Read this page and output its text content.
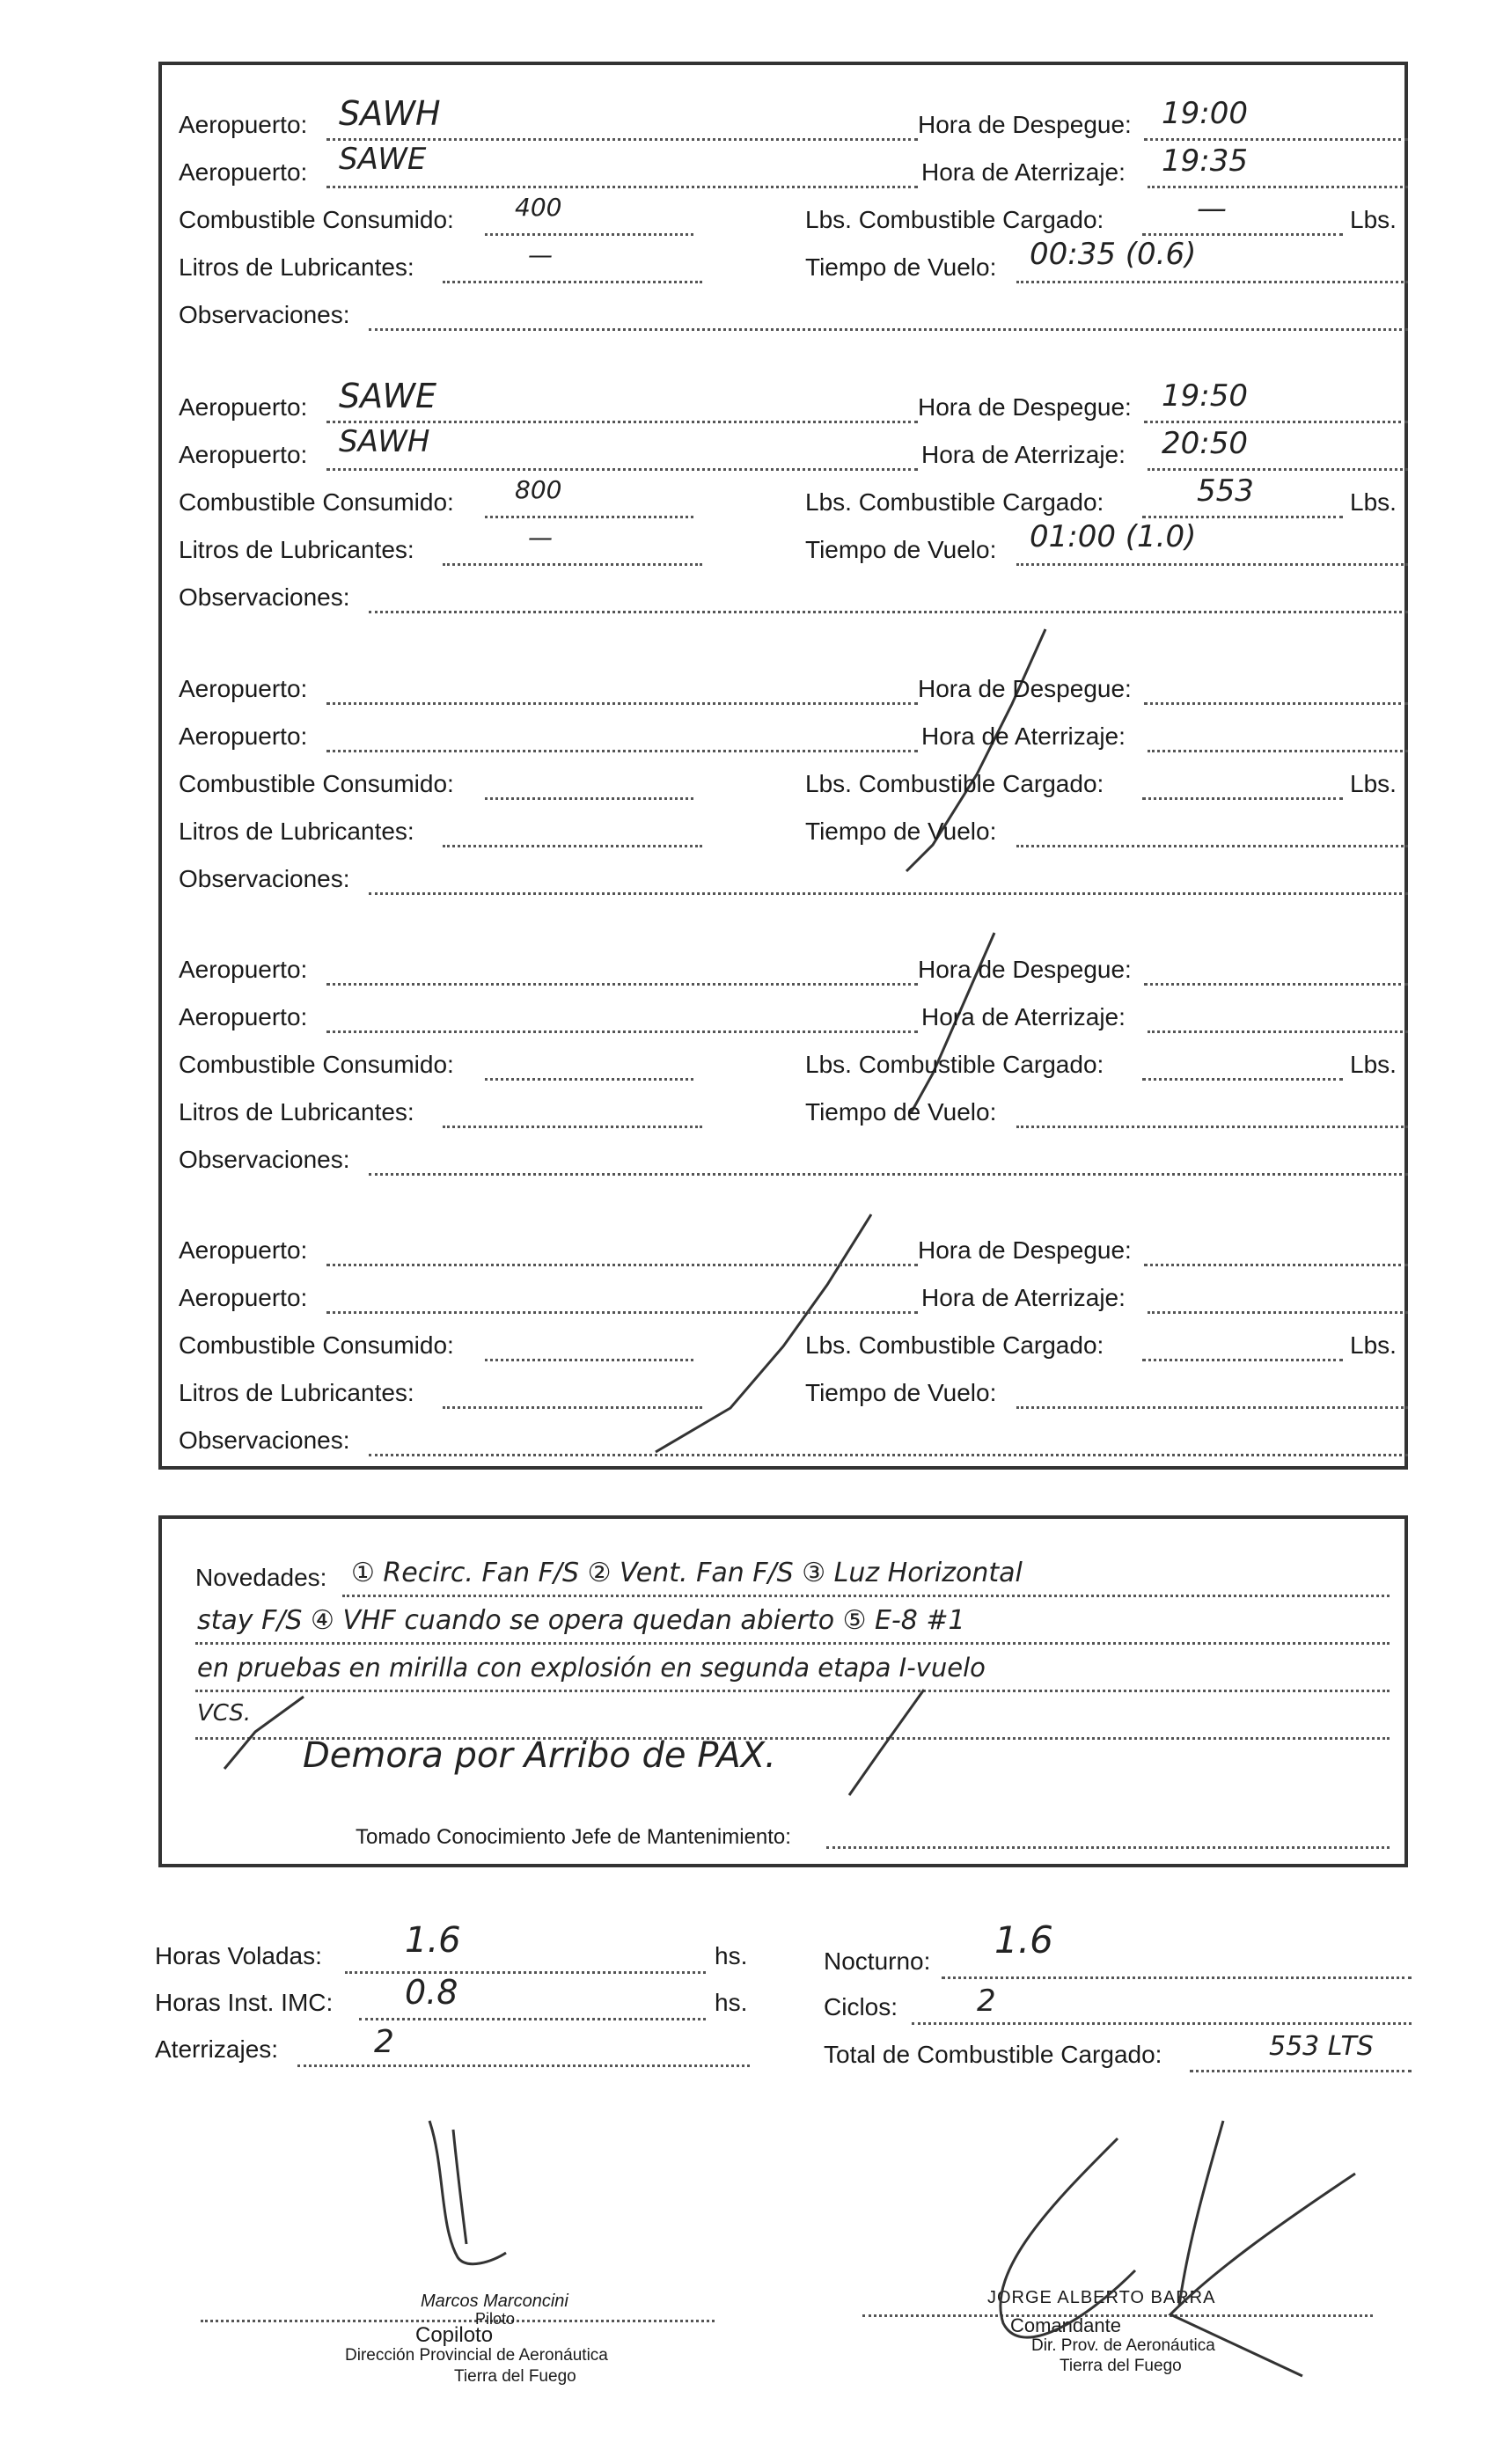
Novedades: ① Recirc. Fan F/S ② Vent. Fan F/S ③ Luz Horizontal
stay F/S ④ VHF cuando se opera quedan abierto ⑤ E-8 #1
en pruebas en mirilla con explosión en segunda etapa I-vuelo
VCS.
Demora por Arribo de PAX.
Tomado Conocimiento Jefe de Mantenimiento:
Horas Voladas: 1.6	hs.
Horas Inst. IMC: 0.8	hs.
Aterrizajes:	2
Nocturno: 1.6
Ciclos:	2
Total de Combustible Cargado:	553 LTS
Marcos Marconcini
Piloto
Copiloto
Dirección Provincial de Aeronáutica
Tierra del Fuego
JORGE ALBERTO BARRA
Comandante
Dir. Prov. de Aeronáutica
Tierra del Fuego
Aeropuerto: SAWH	Hora de Despegue: 19:00
Aeropuerto: SAWE	Hora de Aterrizaje: 19:35
Combustible Consumido: 400	Lbs. Combustible Cargado:	—	Lbs.
Litros de Lubricantes:	—	Tiempo de Vuelo: 00:35 (0.6)
Observaciones:
Aeropuerto: SAWE	Hora de Despegue: 19:50
Aeropuerto: SAWH	Hora de Aterrizaje: 20:50
Combustible Consumido: 800	Lbs. Combustible Cargado:	553	Lbs.
Litros de Lubricantes:	—	Tiempo de Vuelo: 01:00 (1.0)
Observaciones:
Aeropuerto:	Hora de Despegue:
Aeropuerto:	Hora de Aterrizaje:
Combustible Consumido:	Lbs. Combustible Cargado:	Lbs.
Litros de Lubricantes:	Tiempo de Vuelo:
Observaciones:
Aeropuerto:	Hora de Despegue:
Aeropuerto:	Hora de Aterrizaje:
Combustible Consumido:	Lbs. Combustible Cargado:	Lbs.
Litros de Lubricantes:	Tiempo de Vuelo:
Observaciones:
Aeropuerto:	Hora de Despegue:
Aeropuerto:	Hora de Aterrizaje:
Combustible Consumido:	Lbs. Combustible Cargado:	Lbs.
Litros de Lubricantes:	Tiempo de Vuelo:
Observaciones:
